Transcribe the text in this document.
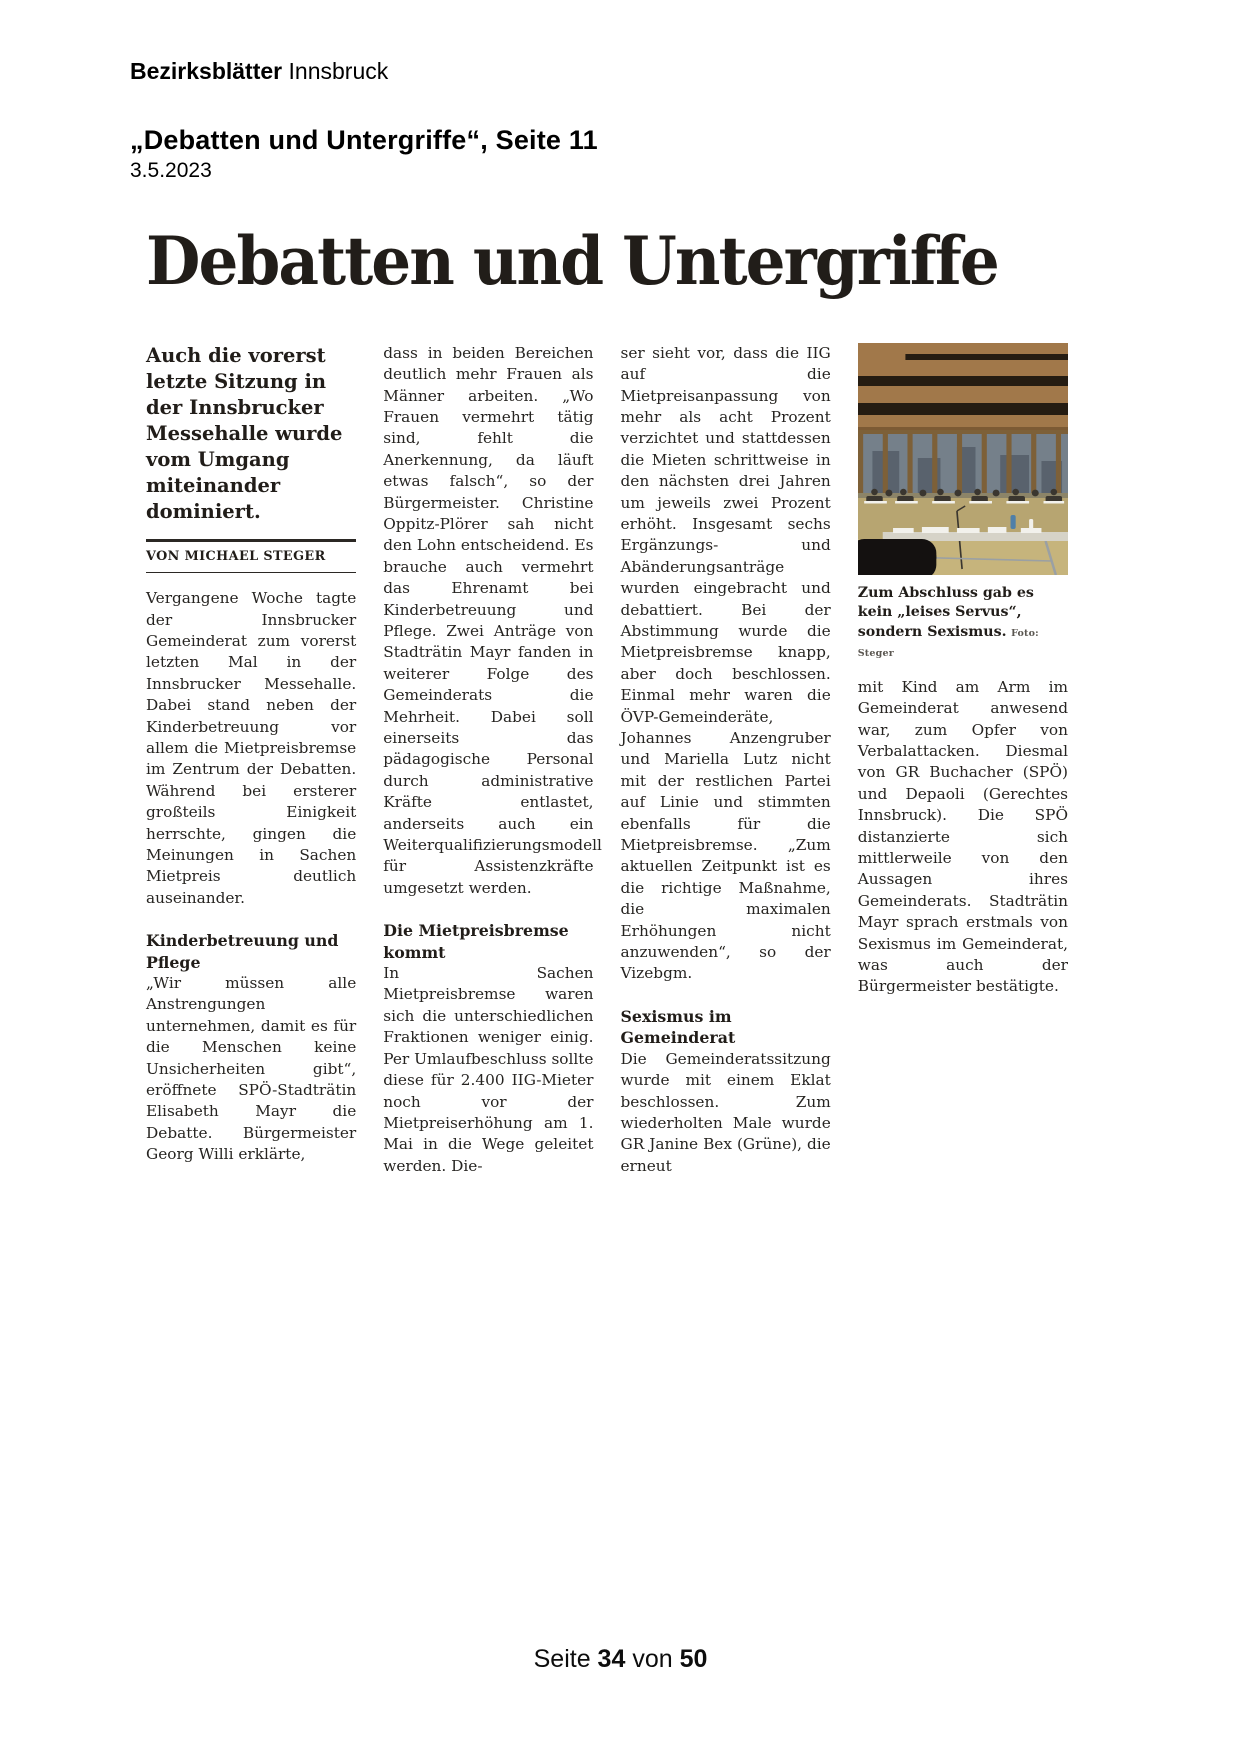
Bezirksblätter Innsbruck
„Debatten und Untergriffe“, Seite 11
3.5.2023
Debatten und Untergriffe

Auch die vorerst letzte Sitzung in der Innsbrucker Messehalle wurde vom Umgang miteinander dominiert.

VON MICHAEL STEGER

Vergangene Woche tagte der Innsbrucker Gemeinderat zum vorerst letzten Mal in der Innsbrucker Messehalle. Dabei stand neben der Kinderbetreuung vor allem die Mietpreisbremse im Zentrum der Debatten. Während bei ersterer großteils Einigkeit herrschte, gingen die Meinungen in Sachen Mietpreis deutlich auseinander.

Kinderbetreuung und Pflege

„Wir müssen alle Anstrengungen unternehmen, damit es für die Menschen keine Unsicherheiten gibt“, eröffnete SPÖ-Stadträtin Elisabeth Mayr die Debatte. Bürgermeister Georg Willi erklärte,

dass in beiden Bereichen deutlich mehr Frauen als Männer arbeiten. „Wo Frauen vermehrt tätig sind, fehlt die Anerkennung, da läuft etwas falsch“, so der Bürgermeister. Christine Oppitz-Plörer sah nicht den Lohn entscheidend. Es brauche auch vermehrt das Ehrenamt bei Kinderbetreuung und Pflege. Zwei Anträge von Stadträtin Mayr fanden in weiterer Folge des Gemeinderats die Mehrheit. Dabei soll einerseits das pädagogische Personal durch administrative Kräfte entlastet, anderseits auch ein Weiterqualifizierungsmodell für Assistenzkräfte umgesetzt werden.

Die Mietpreisbremse kommt

In Sachen Mietpreisbremse waren sich die unterschiedlichen Fraktionen weniger einig. Per Umlaufbeschluss sollte diese für 2.400 IIG-Mieter noch vor der Mietpreiserhöhung am 1. Mai in die Wege geleitet werden. Die-

ser sieht vor, dass die IIG auf die Mietpreisanpassung von mehr als acht Prozent verzichtet und stattdessen die Mieten schrittweise in den nächsten drei Jahren um jeweils zwei Prozent erhöht. Insgesamt sechs Ergänzungs- und Abänderungsanträge wurden eingebracht und debattiert. Bei der Abstimmung wurde die Mietpreisbremse knapp, aber doch beschlossen. Einmal mehr waren die ÖVP-Gemeinderäte, Johannes Anzengruber und Mariella Lutz nicht mit der restlichen Partei auf Linie und stimmten ebenfalls für die Mietpreisbremse. „Zum aktuellen Zeitpunkt ist es die richtige Maßnahme, die maximalen Erhöhungen nicht anzuwenden“, so der Vizebgm.

Sexismus im Gemeinderat

Die Gemeinderatssitzung wurde mit einem Eklat beschlossen. Zum wiederholten Male wurde GR Janine Bex (Grüne), die erneut

Zum Abschluss gab es kein „leises Servus“, sondern Sexismus. Foto: Steger

mit Kind am Arm im Gemeinderat anwesend war, zum Opfer von Verbalattacken. Diesmal von GR Buchacher (SPÖ) und Depaoli (Gerechtes Innsbruck). Die SPÖ distanzierte sich mittlerweile von den Aussagen ihres Gemeinderats. Stadträtin Mayr sprach erstmals von Sexismus im Gemeinderat, was auch der Bürgermeister bestätigte.

Seite 34 von 50
